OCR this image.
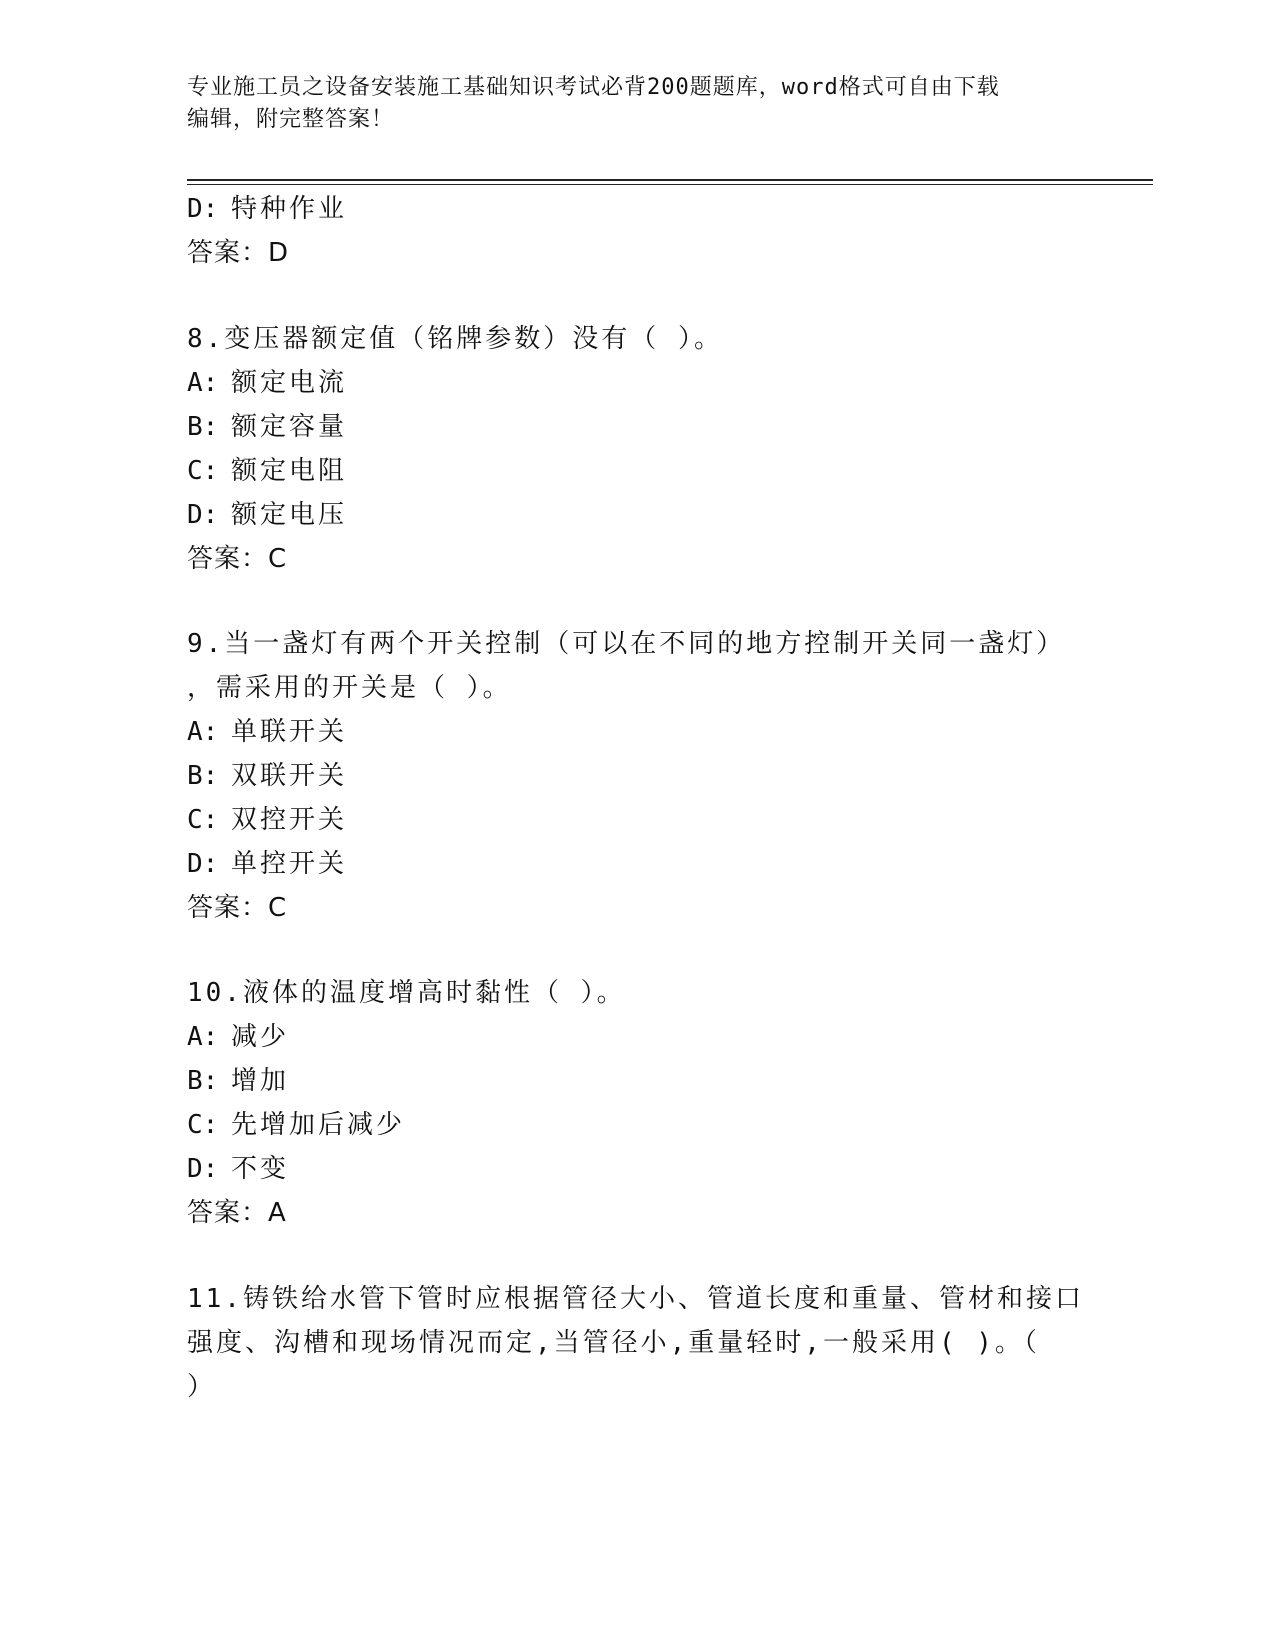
专业施工员之设备安装施工基础知识考试必背200题题库，word格式可自由下载
编辑，附完整答案！
D: 特种作业
答案：D
8.变压器额定值（铭牌参数）没有（ ）。
A: 额定电流
B: 额定容量
C: 额定电阻
D: 额定电压
答案：C
9.当一盏灯有两个开关控制（可以在不同的地方控制开关同一盏灯）
，需采用的开关是（ ）。
A: 单联开关
B: 双联开关
C: 双控开关
D: 单控开关
答案：C
10.液体的温度增高时黏性（ ）。
A: 减少
B: 增加
C: 先增加后减少
D: 不变
答案：A
11.铸铁给水管下管时应根据管径大小、管道长度和重量、管材和接口
强度、沟槽和现场情况而定,当管径小,重量轻时,一般采用( )。（
）
